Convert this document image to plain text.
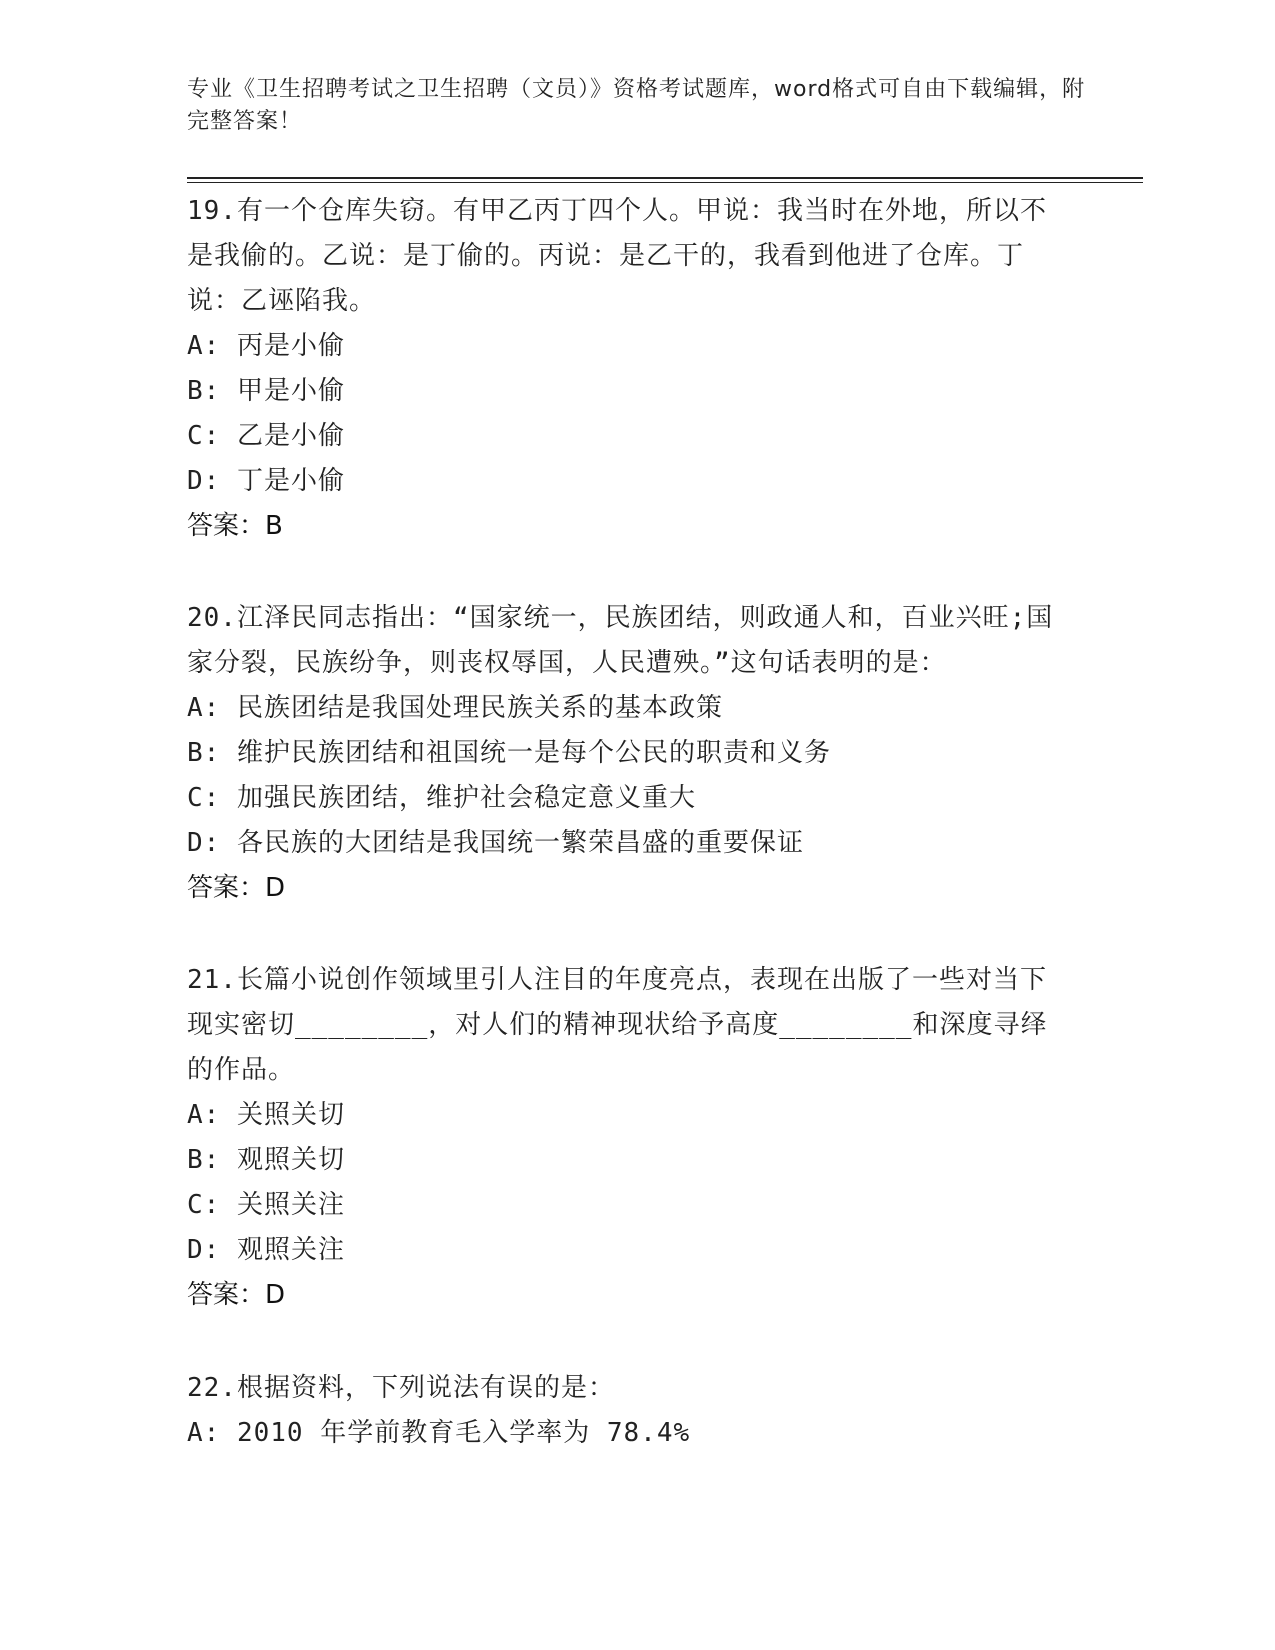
专业《卫生招聘考试之卫生招聘（文员）》资格考试题库，word格式可自由下载编辑，附完整答案！

19.有一个仓库失窃。有甲乙丙丁四个人。甲说：我当时在外地，所以不是我偷的。乙说：是丁偷的。丙说：是乙干的，我看到他进了仓库。丁说：乙诬陷我。

A: 丙是小偷

B: 甲是小偷

C: 乙是小偷

D: 丁是小偷

答案：B

20.江泽民同志指出：“国家统一，民族团结，则政通人和，百业兴旺;国家分裂，民族纷争，则丧权辱国，人民遭殃。”这句话表明的是：

A: 民族团结是我国处理民族关系的基本政策

B: 维护民族团结和祖国统一是每个公民的职责和义务

C: 加强民族团结，维护社会稳定意义重大

D: 各民族的大团结是我国统一繁荣昌盛的重要保证

答案：D

21.长篇小说创作领域里引人注目的年度亮点，表现在出版了一些对当下现实密切________，对人们的精神现状给予高度________和深度寻绎的作品。

A: 关照关切

B: 观照关切

C: 关照关注

D: 观照关注

答案：D

22.根据资料，下列说法有误的是：

A: 2010 年学前教育毛入学率为 78.4%
